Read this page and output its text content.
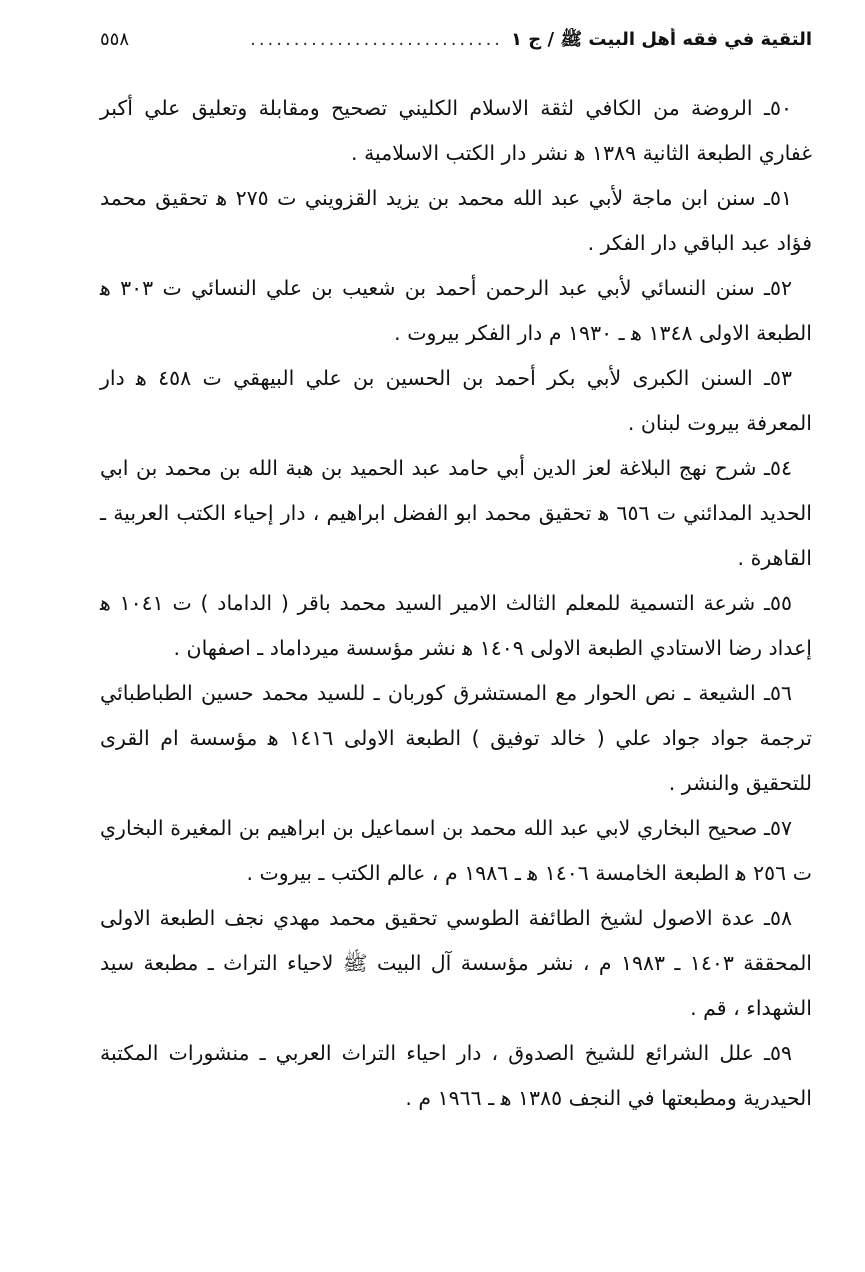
التقية في فقه أهل البيت ﷺ / ج ١
.............................
٥٥٨

٥٠ـ الروضة من الكافي لثقة الاسلام الكليني تصحيح ومقابلة وتعليق علي أكبر غفاري الطبعة الثانية ١٣٨٩ ﻫ نشر دار الكتب الاسلامية .

٥١ـ سنن ابن ماجة لأبي عبد الله محمد بن يزيد القزويني ت ٢٧٥ ﻫ تحقيق محمد فؤاد عبد الباقي دار الفكر .

٥٢ـ سنن النسائي لأبي عبد الرحمن أحمد بن شعيب بن علي النسائي ت ٣٠٣ ﻫ الطبعة الاولى ١٣٤٨ ﻫ ـ ١٩٣٠ م دار الفكر بيروت .

٥٣ـ السنن الكبرى لأبي بكر أحمد بن الحسين بن علي البيهقي ت ٤٥٨ ﻫ دار المعرفة بيروت لبنان .

٥٤ـ شرح نهج البلاغة لعز الدين أبي حامد عبد الحميد بن هبة الله بن محمد بن ابي الحديد المدائني ت ٦٥٦ ﻫ تحقيق محمد ابو الفضل ابراهيم ، دار إحياء الكتب العربية ـ القاهرة .

٥٥ـ شرعة التسمية للمعلم الثالث الامير السيد محمد باقر ( الداماد ) ت ١٠٤١ ﻫ إعداد رضا الاستادي الطبعة الاولى ١٤٠٩ ﻫ نشر مؤسسة ميرداماد ـ اصفهان .

٥٦ـ الشيعة ـ نص الحوار مع المستشرق كوربان ـ للسيد محمد حسين الطباطبائي ترجمة جواد جواد علي ( خالد توفيق ) الطبعة الاولى ١٤١٦ ﻫ مؤسسة ام القرى للتحقيق والنشر .

٥٧ـ صحيح البخاري لابي عبد الله محمد بن اسماعيل بن ابراهيم بن المغيرة البخاري ت ٢٥٦ ﻫ الطبعة الخامسة ١٤٠٦ ﻫ ـ ١٩٨٦ م ، عالم الكتب ـ بيروت .

٥٨ـ عدة الاصول لشيخ الطائفة الطوسي تحقيق محمد مهدي نجف الطبعة الاولى المحققة ١٤٠٣ ـ ١٩٨٣ م ، نشر مؤسسة آل البيت ﷺ لاحياء التراث ـ مطبعة سيد الشهداء ، قم .

٥٩ـ علل الشرائع للشيخ الصدوق ، دار احياء التراث العربي ـ منشورات المكتبة الحيدرية ومطبعتها في النجف ١٣٨٥ ﻫ ـ ١٩٦٦ م .
